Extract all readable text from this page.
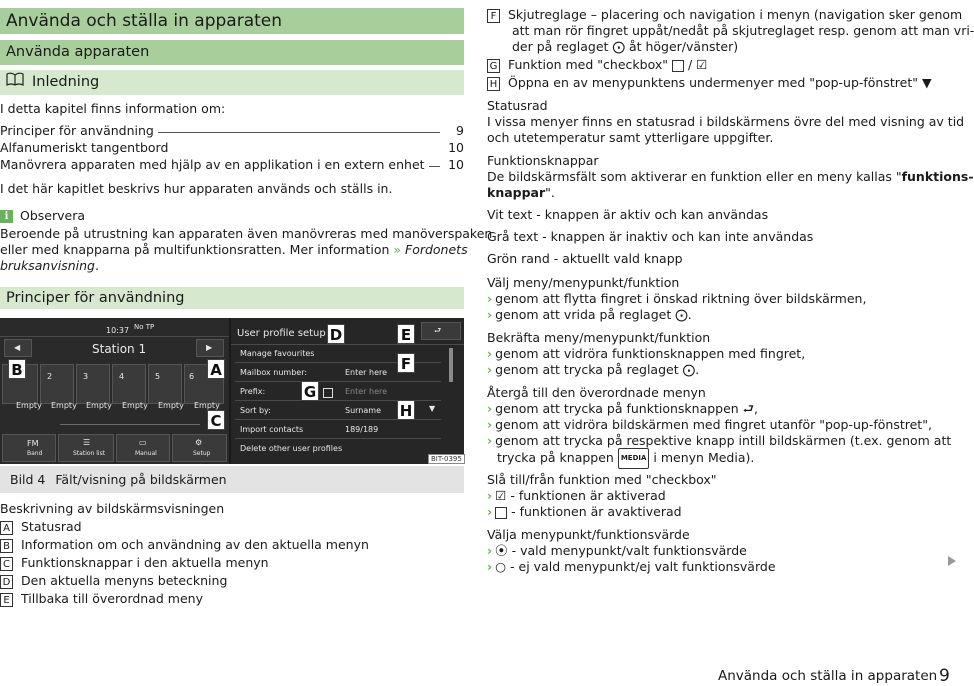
Använda och ställa in apparaten
Använda apparaten
Inledning
I detta kapitel finns information om:
Principer för användning	9
Alfanumeriskt tangentbord	10
Manövrera apparaten med hjälp av en applikation i en extern enhet	10
I det här kapitlet beskrivs hur apparaten används och ställs in.
i Observera
Beroende på utrustning kan apparaten även manövreras med manöverspaken
eller med knapparna på multifunktionsratten. Mer information » Fordonets
bruksanvisning.
Principer för användning
10:37 No TP
◀	▶
Station 1
2	3	4	5	6
Empty Empty Empty Empty Empty Empty
FM
Band
☰
Station list
▭
Manual
⚙
Setup
User profile setup	⮐
Manage favourites
Mailbox number:	Enter here
Prefix:	Enter here
Sort by:	Surname	▼
Import contacts	189/189
Delete other user profiles
A
B
C
D	E
F
G
H
BIT-0395
Bild 4 Fält/visning på bildskärmen
Beskrivning av bildskärmsvisningen
A Statusrad
B Information om och användning av den aktuella menyn
C Funktionsknappar i den aktuella menyn
D Den aktuella menyns beteckning
E Tillbaka till överordnad meny
F Skjutreglage – placering och navigation i menyn (navigation sker genom
att man rör fingret uppåt/nedåt på skjutreglaget resp. genom att man vri-
der på reglaget ⨀ åt höger/vänster)
G Funktion med "checkbox" / ☑
H Öppna en av menypunktens undermenyer med "pop-up-fönstret" ▼
Statusrad
I vissa menyer finns en statusrad i bildskärmens övre del med visning av tid
och utetemperatur samt ytterligare uppgifter.
Funktionsknappar
De bildskärmsfält som aktiverar en funktion eller en meny kallas "funktions-
knappar".
Vit text - knappen är aktiv och kan användas
Grå text - knappen är inaktiv och kan inte användas
Grön rand - aktuellt vald knapp
Välj meny/menypunkt/funktion
› genom att flytta fingret i önskad riktning över bildskärmen,
› genom att vrida på reglaget ⨀.
Bekräfta meny/menypunkt/funktion
› genom att vidröra funktionsknappen med fingret,
› genom att trycka på reglaget ⨀.
Återgå till den överordnade menyn
› genom att trycka på funktionsknappen ⮐,
› genom att vidröra bildskärmen med fingret utanför "pop-up-fönstret",
› genom att trycka på respektive knapp intill bildskärmen (t.ex. genom att
trycka på knappen MEDIA i menyn Media).
Slå till/från funktion med "checkbox"
› ☑ - funktionen är aktiverad
› - funktionen är avaktiverad
Välja menypunkt/funktionsvärde
› ⦿ - vald menypunkt/valt funktionsvärde
› ○ - ej vald menypunkt/ej valt funktionsvärde
Använda och ställa in apparaten 9
